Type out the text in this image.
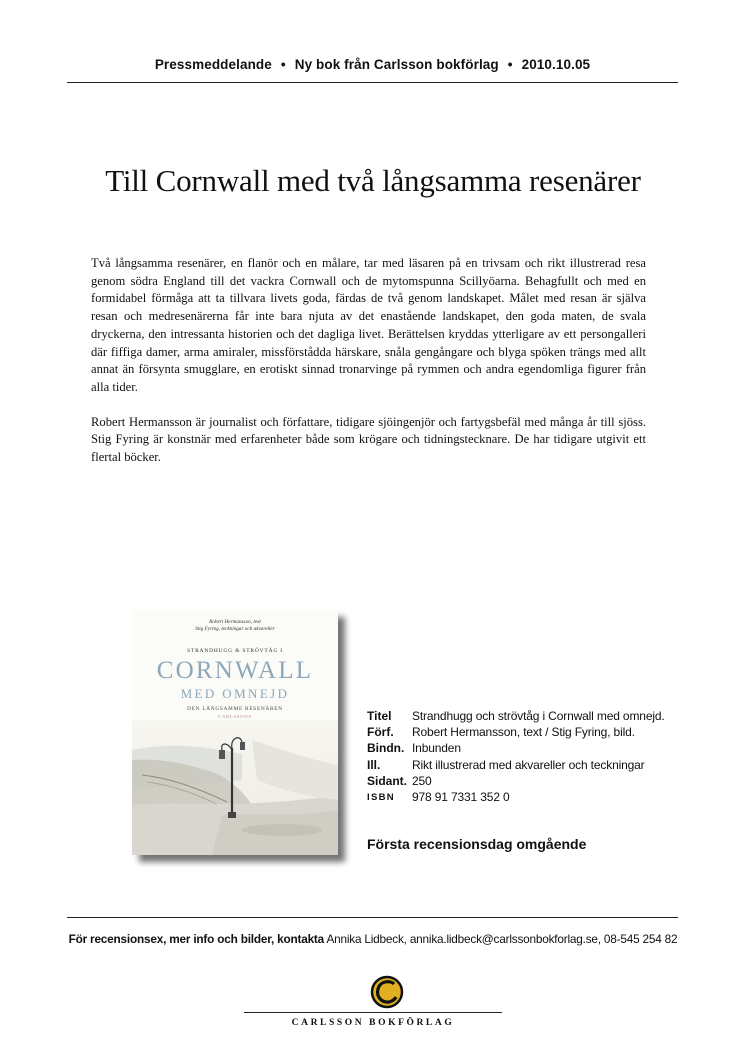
Pressmeddelande • Ny bok från Carlsson bokförlag • 2010.10.05
Till Cornwall med två långsamma resenärer

Två långsamma resenärer, en flanör och en målare, tar med läsaren på en trivsam och rikt illustrerad resa genom södra England till det vackra Cornwall och de mytomspunna Scillyöarna. Behagfullt och med en formidabel förmåga att ta tillvara livets goda, färdas de två genom landskapet. Målet med resan är själva resan och medresenärerna får inte bara njuta av det enastående landskapet, den goda maten, de svala dryckerna, den intressanta historien och det dagliga livet. Berättelsen kryddas ytterligare av ett persongalleri där fiffiga damer, arma amiraler, missförstådda härskare, snåla gengångare och blyga spöken trängs med allt annat än försynta smugglare, en erotiskt sinnad tronarvinge på rymmen och andra egendomliga figurer från alla tider.

Robert Hermansson är journalist och författare, tidigare sjöingenjör och fartygsbefäl med många år till sjöss. Stig Fyring är konstnär med erfarenheter både som krögare och tidningstecknare. De har tidigare utgivit ett flertal böcker.

Robert Hermansson, text
Stig Fyring, teckningar och akvareller
STRANDHUGG & STRÖVTÅG I
CORNWALL
MED OMNEJD
DEN LÅNGSAMME RESENÄREN
CARLSSONS	Titel	Strandhugg och strövtåg i Cornwall med omnejd.
Förf.	Robert Hermansson, text / Stig Fyring, bild.
Bindn. Inbunden
Ill.	Rikt illustrerad med akvareller och teckningar
Sidant. 250
ISBN	978 91 7331 352 0
Första recensionsdag omgående
För recensionsex, mer info och bilder, kontakta Annika Lidbeck, annika.lidbeck@carlssonbokforlag.se, 08-545 254 82
CARLSSON BOKFÖRLAG
